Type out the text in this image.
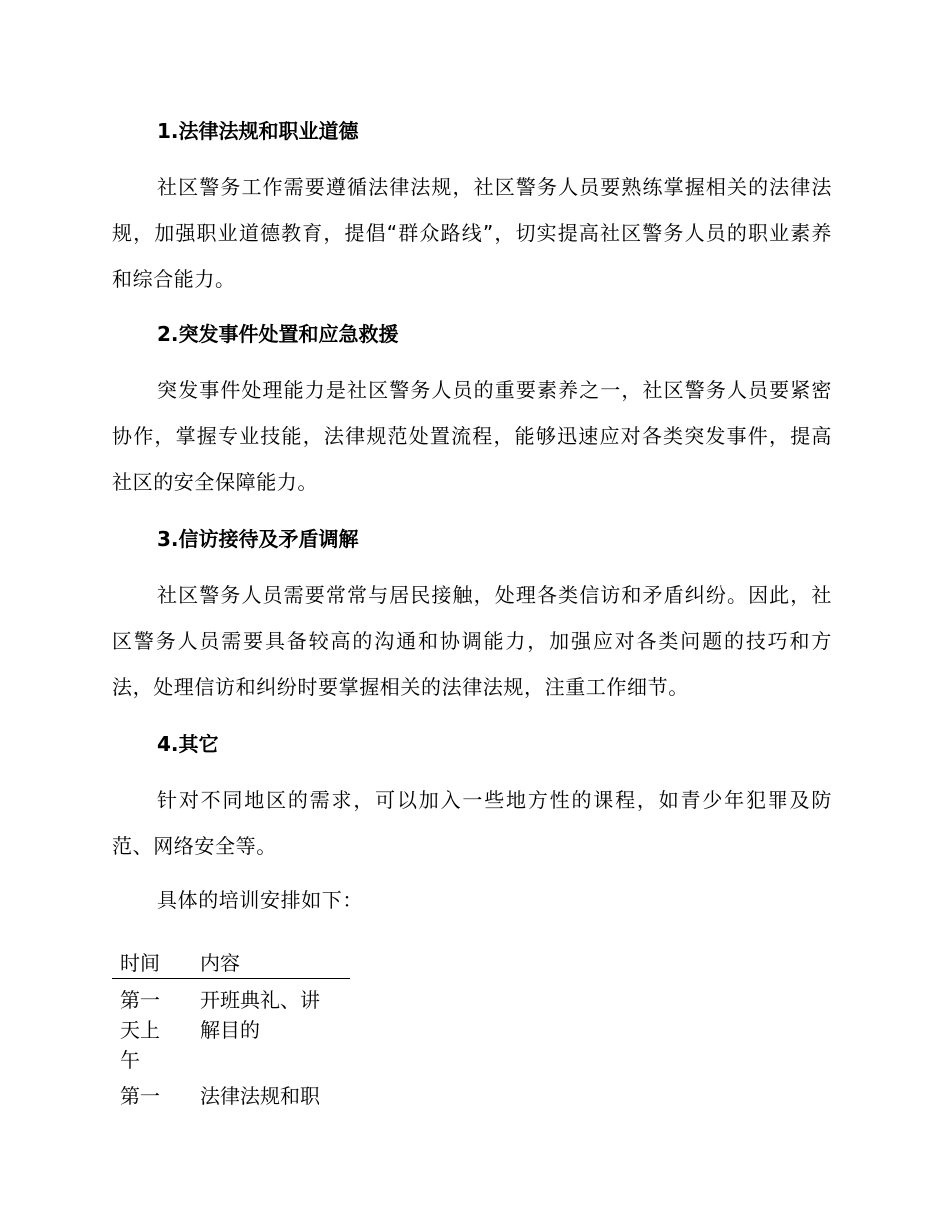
1.法律法规和职业道德
社区警务工作需要遵循法律法规，社区警务人员要熟练掌握相关的法律法规，加强职业道德教育，提倡“群众路线”，切实提高社区警务人员的职业素养和综合能力。
2.突发事件处置和应急救援
突发事件处理能力是社区警务人员的重要素养之一，社区警务人员要紧密协作，掌握专业技能，法律规范处置流程，能够迅速应对各类突发事件，提高社区的安全保障能力。
3.信访接待及矛盾调解
社区警务人员需要常常与居民接触，处理各类信访和矛盾纠纷。因此，社区警务人员需要具备较高的沟通和协调能力，加强应对各类问题的技巧和方法，处理信访和纠纷时要掌握相关的法律法规，注重工作细节。
4.其它
针对不同地区的需求，可以加入一些地方性的课程，如青少年犯罪及防范、网络安全等。
具体的培训安排如下：
时间	内容

第一天上午	开班典礼、讲解目的

第一	法律法规和职
